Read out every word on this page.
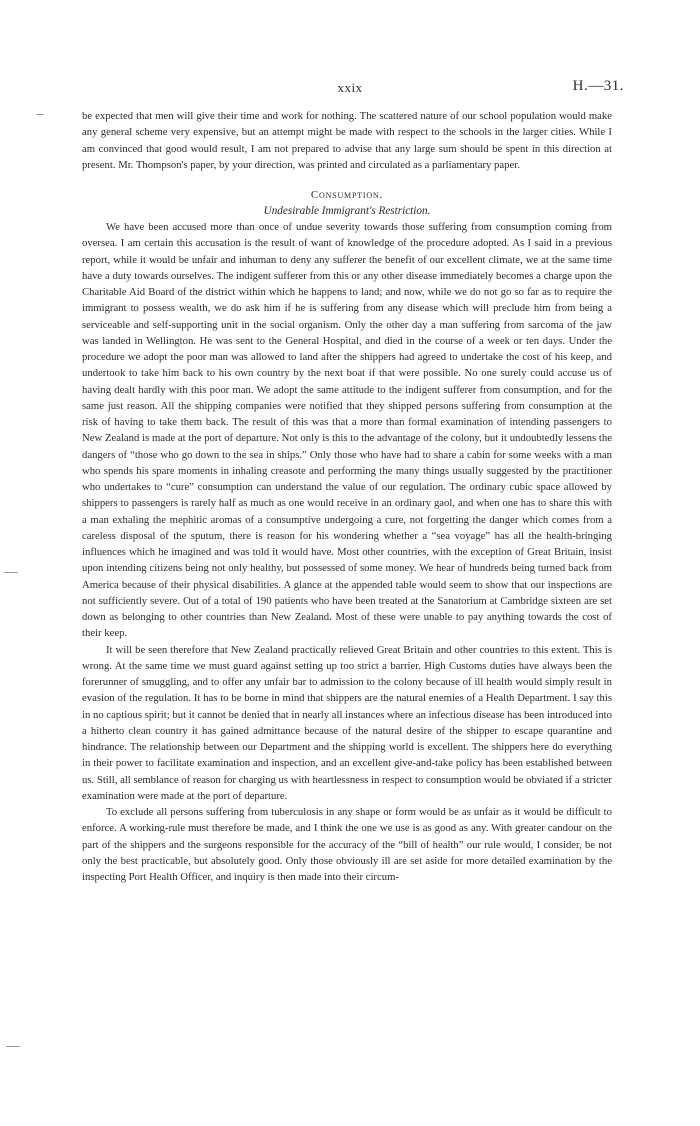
xxix	H.—31.

be expected that men will give their time and work for nothing. The scattered nature of our school population would make any general scheme very expensive, but an attempt might be made with respect to the schools in the larger cities. While I am convinced that good would result, I am not prepared to advise that any large sum should be spent in this direction at present. Mr. Thompson's paper, by your direction, was printed and circulated as a parliamentary paper.

Consumption.

Undesirable Immigrant's Restriction.

We have been accused more than once of undue severity towards those suffering from consumption coming from oversea. I am certain this accusation is the result of want of knowledge of the procedure adopted. As I said in a previous report, while it would be unfair and inhuman to deny any sufferer the benefit of our excellent climate, we at the same time have a duty towards ourselves. The indigent sufferer from this or any other disease immediately becomes a charge upon the Charitable Aid Board of the district within which he happens to land; and now, while we do not go so far as to require the immigrant to possess wealth, we do ask him if he is suffering from any disease which will preclude him from being a serviceable and self-supporting unit in the social organism. Only the other day a man suffering from sarcoma of the jaw was landed in Wellington. He was sent to the General Hospital, and died in the course of a week or ten days. Under the procedure we adopt the poor man was allowed to land after the shippers had agreed to undertake the cost of his keep, and undertook to take him back to his own country by the next boat if that were possible. No one surely could accuse us of having dealt hardly with this poor man. We adopt the same attitude to the indigent sufferer from consumption, and for the same just reason. All the shipping companies were notified that they shipped persons suffering from consumption at the risk of having to take them back. The result of this was that a more than formal examination of intending passengers to New Zealand is made at the port of departure. Not only is this to the advantage of the colony, but it undoubtedly lessens the dangers of “those who go down to the sea in ships.” Only those who have had to share a cabin for some weeks with a man who spends his spare moments in inhaling creasote and performing the many things usually suggested by the practitioner who undertakes to “cure” consumption can understand the value of our regulation. The ordinary cubic space allowed by shippers to passengers is rarely half as much as one would receive in an ordinary gaol, and when one has to share this with a man exhaling the mephitic aromas of a consumptive undergoing a cure, not forgetting the danger which comes from a careless disposal of the sputum, there is reason for his wondering whether a “sea voyage” has all the health-bringing influences which he imagined and was told it would have. Most other countries, with the exception of Great Britain, insist upon intending citizens being not only healthy, but possessed of some money. We hear of hundreds being turned back from America because of their physical disabilities. A glance at the appended table would seem to show that our inspections are not sufficiently severe. Out of a total of 190 patients who have been treated at the Sanatorium at Cambridge sixteen are set down as belonging to other countries than New Zealand. Most of these were unable to pay anything towards the cost of their keep.

It will be seen therefore that New Zealand practically relieved Great Britain and other countries to this extent. This is wrong. At the same time we must guard against setting up too strict a barrier. High Customs duties have always been the forerunner of smuggling, and to offer any unfair bar to admission to the colony because of ill health would simply result in evasion of the regulation. It has to be borne in mind that shippers are the natural enemies of a Health Department. I say this in no captious spirit; but it cannot be denied that in nearly all instances where an infectious disease has been introduced into a hitherto clean country it has gained admittance because of the natural desire of the shipper to escape quarantine and hindrance. The relationship between our Department and the shipping world is excellent. The shippers here do everything in their power to facilitate examination and inspection, and an excellent give-and-take policy has been established between us. Still, all semblance of reason for charging us with heartlessness in respect to consumption would be obviated if a stricter examination were made at the port of departure.

To exclude all persons suffering from tuberculosis in any shape or form would be as unfair as it would be difficult to enforce. A working-rule must therefore be made, and I think the one we use is as good as any. With greater candour on the part of the shippers and the surgeons responsible for the accuracy of the “bill of health” our rule would, I consider, be not only the best practicable, but absolutely good. Only those obviously ill are set aside for more detailed examination by the inspecting Port Health Officer, and inquiry is then made into their circum-
